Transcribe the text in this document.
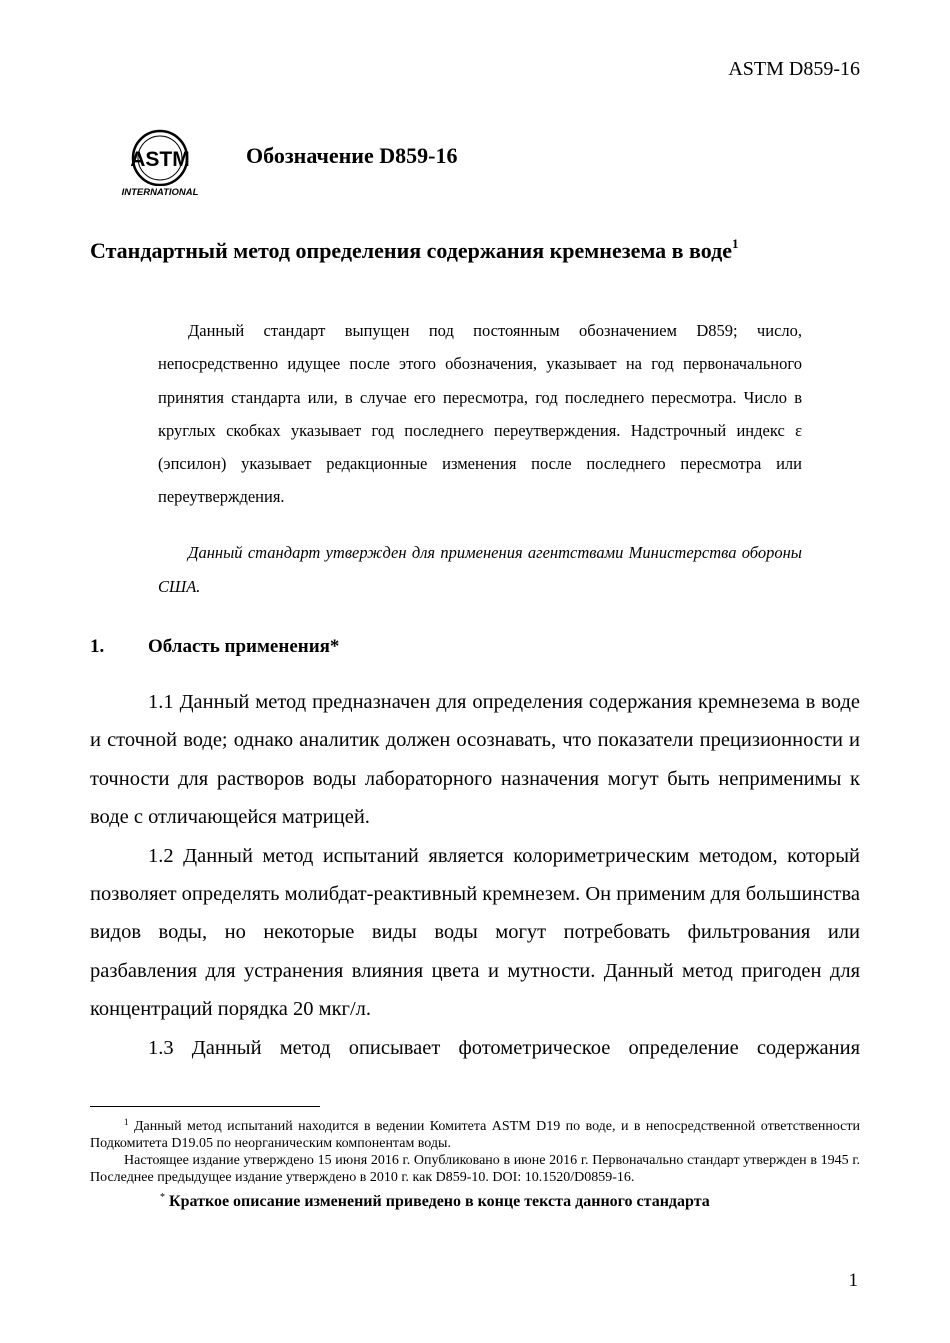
ASTM D859-16
ASTM
INTERNATIONAL
Обозначение D859-16
Стандартный метод определения содержания кремнезема в воде$^1$

Данный стандарт выпущен под постоянным обозначением D859; число, непосредственно идущее после этого обозначения, указывает на год первоначального принятия стандарта или, в случае его пересмотра, год последнего пересмотра. Число в круглых скобках указывает год последнего переутверждения. Надстрочный индекс ε (эпсилон) указывает редакционные изменения после последнего пересмотра или переутверждения.

Данный стандарт утвержден для применения агентствами Министерства обороны США.

1. Область применения*

1.1 Данный метод предназначен для определения содержания кремнезема в воде и сточной воде; однако аналитик должен осознавать, что показатели прецизионности и точности для растворов воды лабораторного назначения могут быть неприменимы к воде с отличающейся матрицей.

1.2 Данный метод испытаний является колориметрическим методом, который позволяет определять молибдат-реактивный кремнезем. Он применим для большинства видов воды, но некоторые виды воды могут потребовать фильтрования или разбавления для устранения влияния цвета и мутности. Данный метод пригоден для концентраций порядка 20 мкг/л.

1.3 Данный метод описывает фотометрическое определение содержания

$^1$ Данный метод испытаний находится в ведении Комитета ASTM D19 по воде, и в непосредственной ответственности Подкомитета D19.05 по неорганическим компонентам воды.

Настоящее издание утверждено 15 июня 2016 г. Опубликовано в июне 2016 г. Первоначально стандарт утвержден в 1945 г. Последнее предыдущее издание утверждено в 2010 г. как D859-10. DOI: 10.1520/D0859-16.

* Краткое описание изменений приведено в конце текста данного стандарта
1
